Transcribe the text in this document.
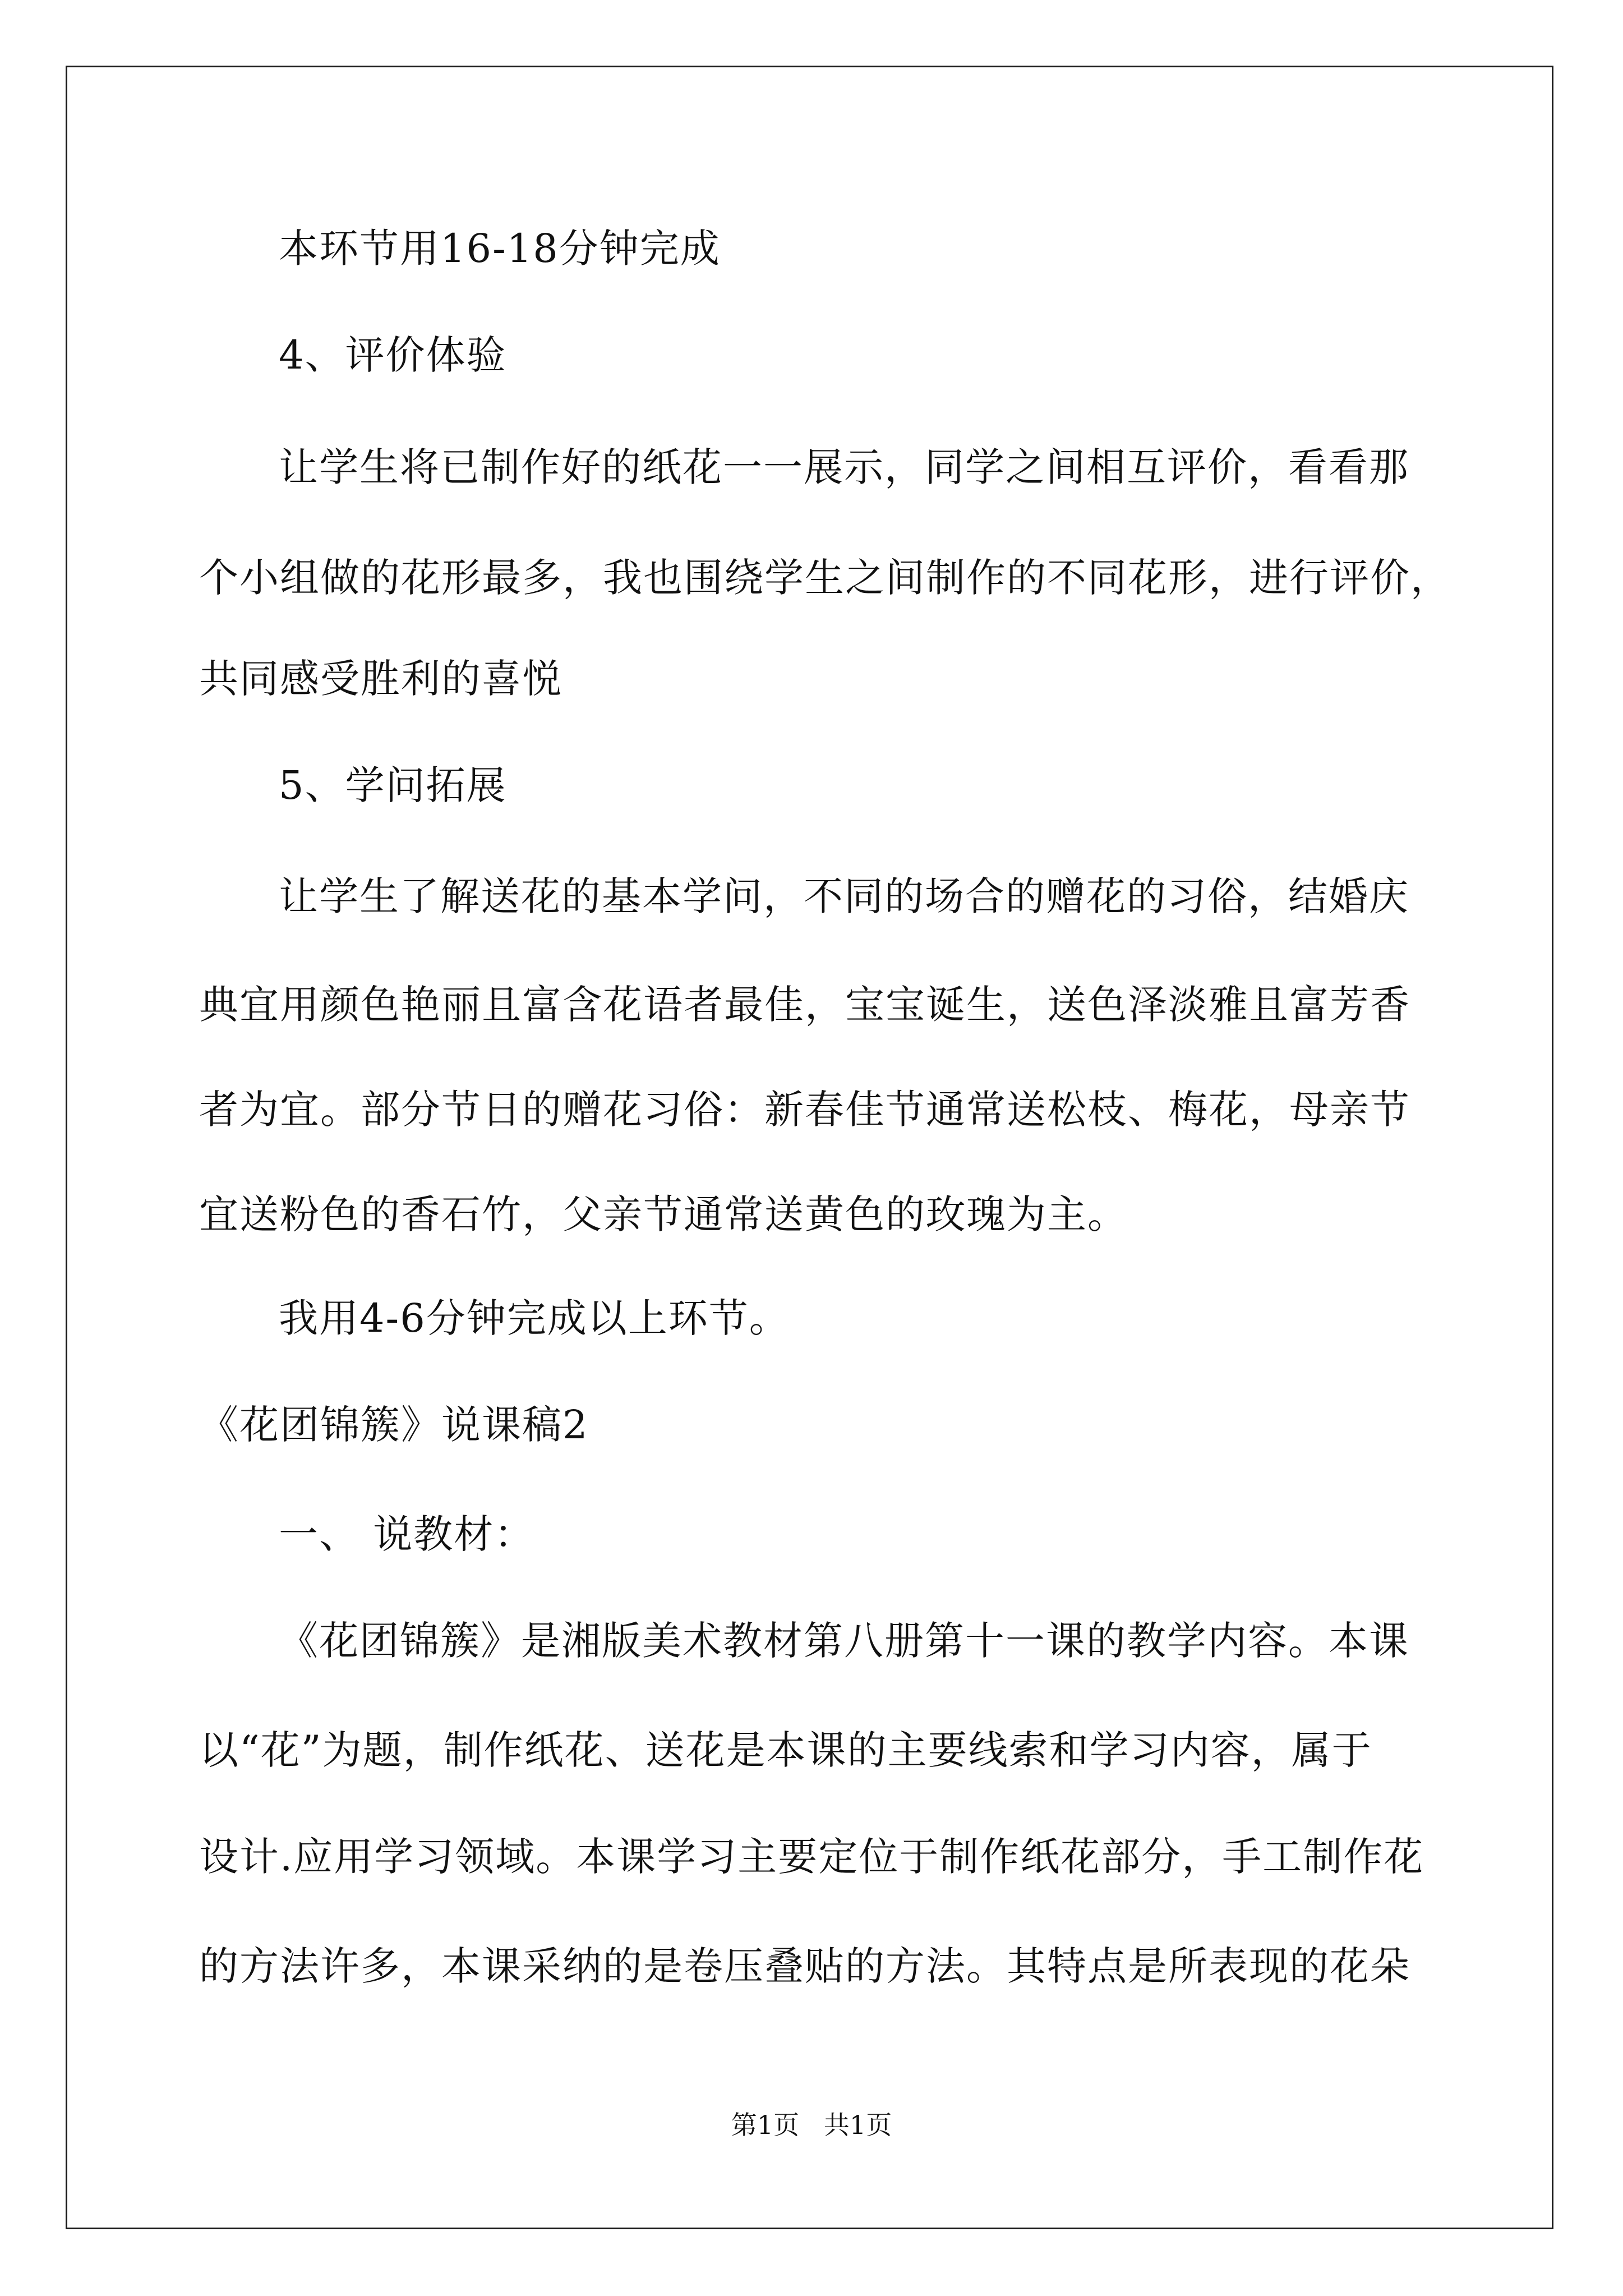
本环节用16-18分钟完成
4、评价体验
让学生将已制作好的纸花一一展示，同学之间相互评价，看看那
个小组做的花形最多，我也围绕学生之间制作的不同花形，进行评价，
共同感受胜利的喜悦
5、学问拓展
让学生了解送花的基本学问，不同的场合的赠花的习俗，结婚庆
典宜用颜色艳丽且富含花语者最佳，宝宝诞生，送色泽淡雅且富芳香
者为宜。部分节日的赠花习俗：新春佳节通常送松枝、梅花，母亲节
宜送粉色的香石竹，父亲节通常送黄色的玫瑰为主。
我用4-6分钟完成以上环节。
《花团锦簇》说课稿2
一、 说教材：
《花团锦簇》是湘版美术教材第八册第十一课的教学内容。本课
以“花”为题，制作纸花、送花是本课的主要线索和学习内容，属于
设计.应用学习领域。本课学习主要定位于制作纸花部分，手工制作花
的方法许多，本课采纳的是卷压叠贴的方法。其特点是所表现的花朵
第1页   共1页
